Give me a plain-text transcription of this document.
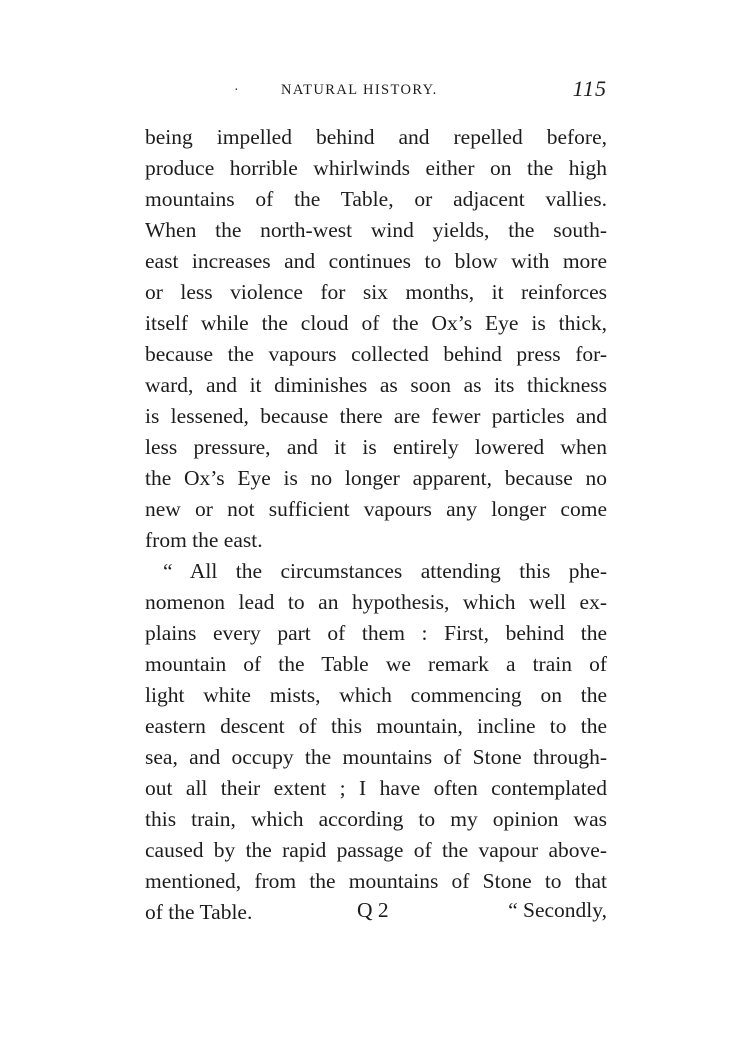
·	NATURAL HISTORY.	115
being impelled behind and repelled before,
produce horrible whirlwinds either on the high
mountains of the Table, or adjacent vallies.
When the north-west wind yields, the south-
east increases and continues to blow with more
or less violence for six months, it reinforces
itself while the cloud of the Ox’s Eye is thick,
because the vapours collected behind press for-
ward, and it diminishes as soon as its thickness
is lessened, because there are fewer particles and
less pressure, and it is entirely lowered when
the Ox’s Eye is no longer apparent, because no
new or not sufficient vapours any longer come
from the east.
“ All the circumstances attending this phe-
nomenon lead to an hypothesis, which well ex-
plains every part of them : First, behind the
mountain of the Table we remark a train of
light white mists, which commencing on the
eastern descent of this mountain, incline to the
sea, and occupy the mountains of Stone through-
out all their extent ; I have often contemplated
this train, which according to my opinion was
caused by the rapid passage of the vapour above-
mentioned, from the mountains of Stone to that
of the Table.	Q 2	“ Secondly,
